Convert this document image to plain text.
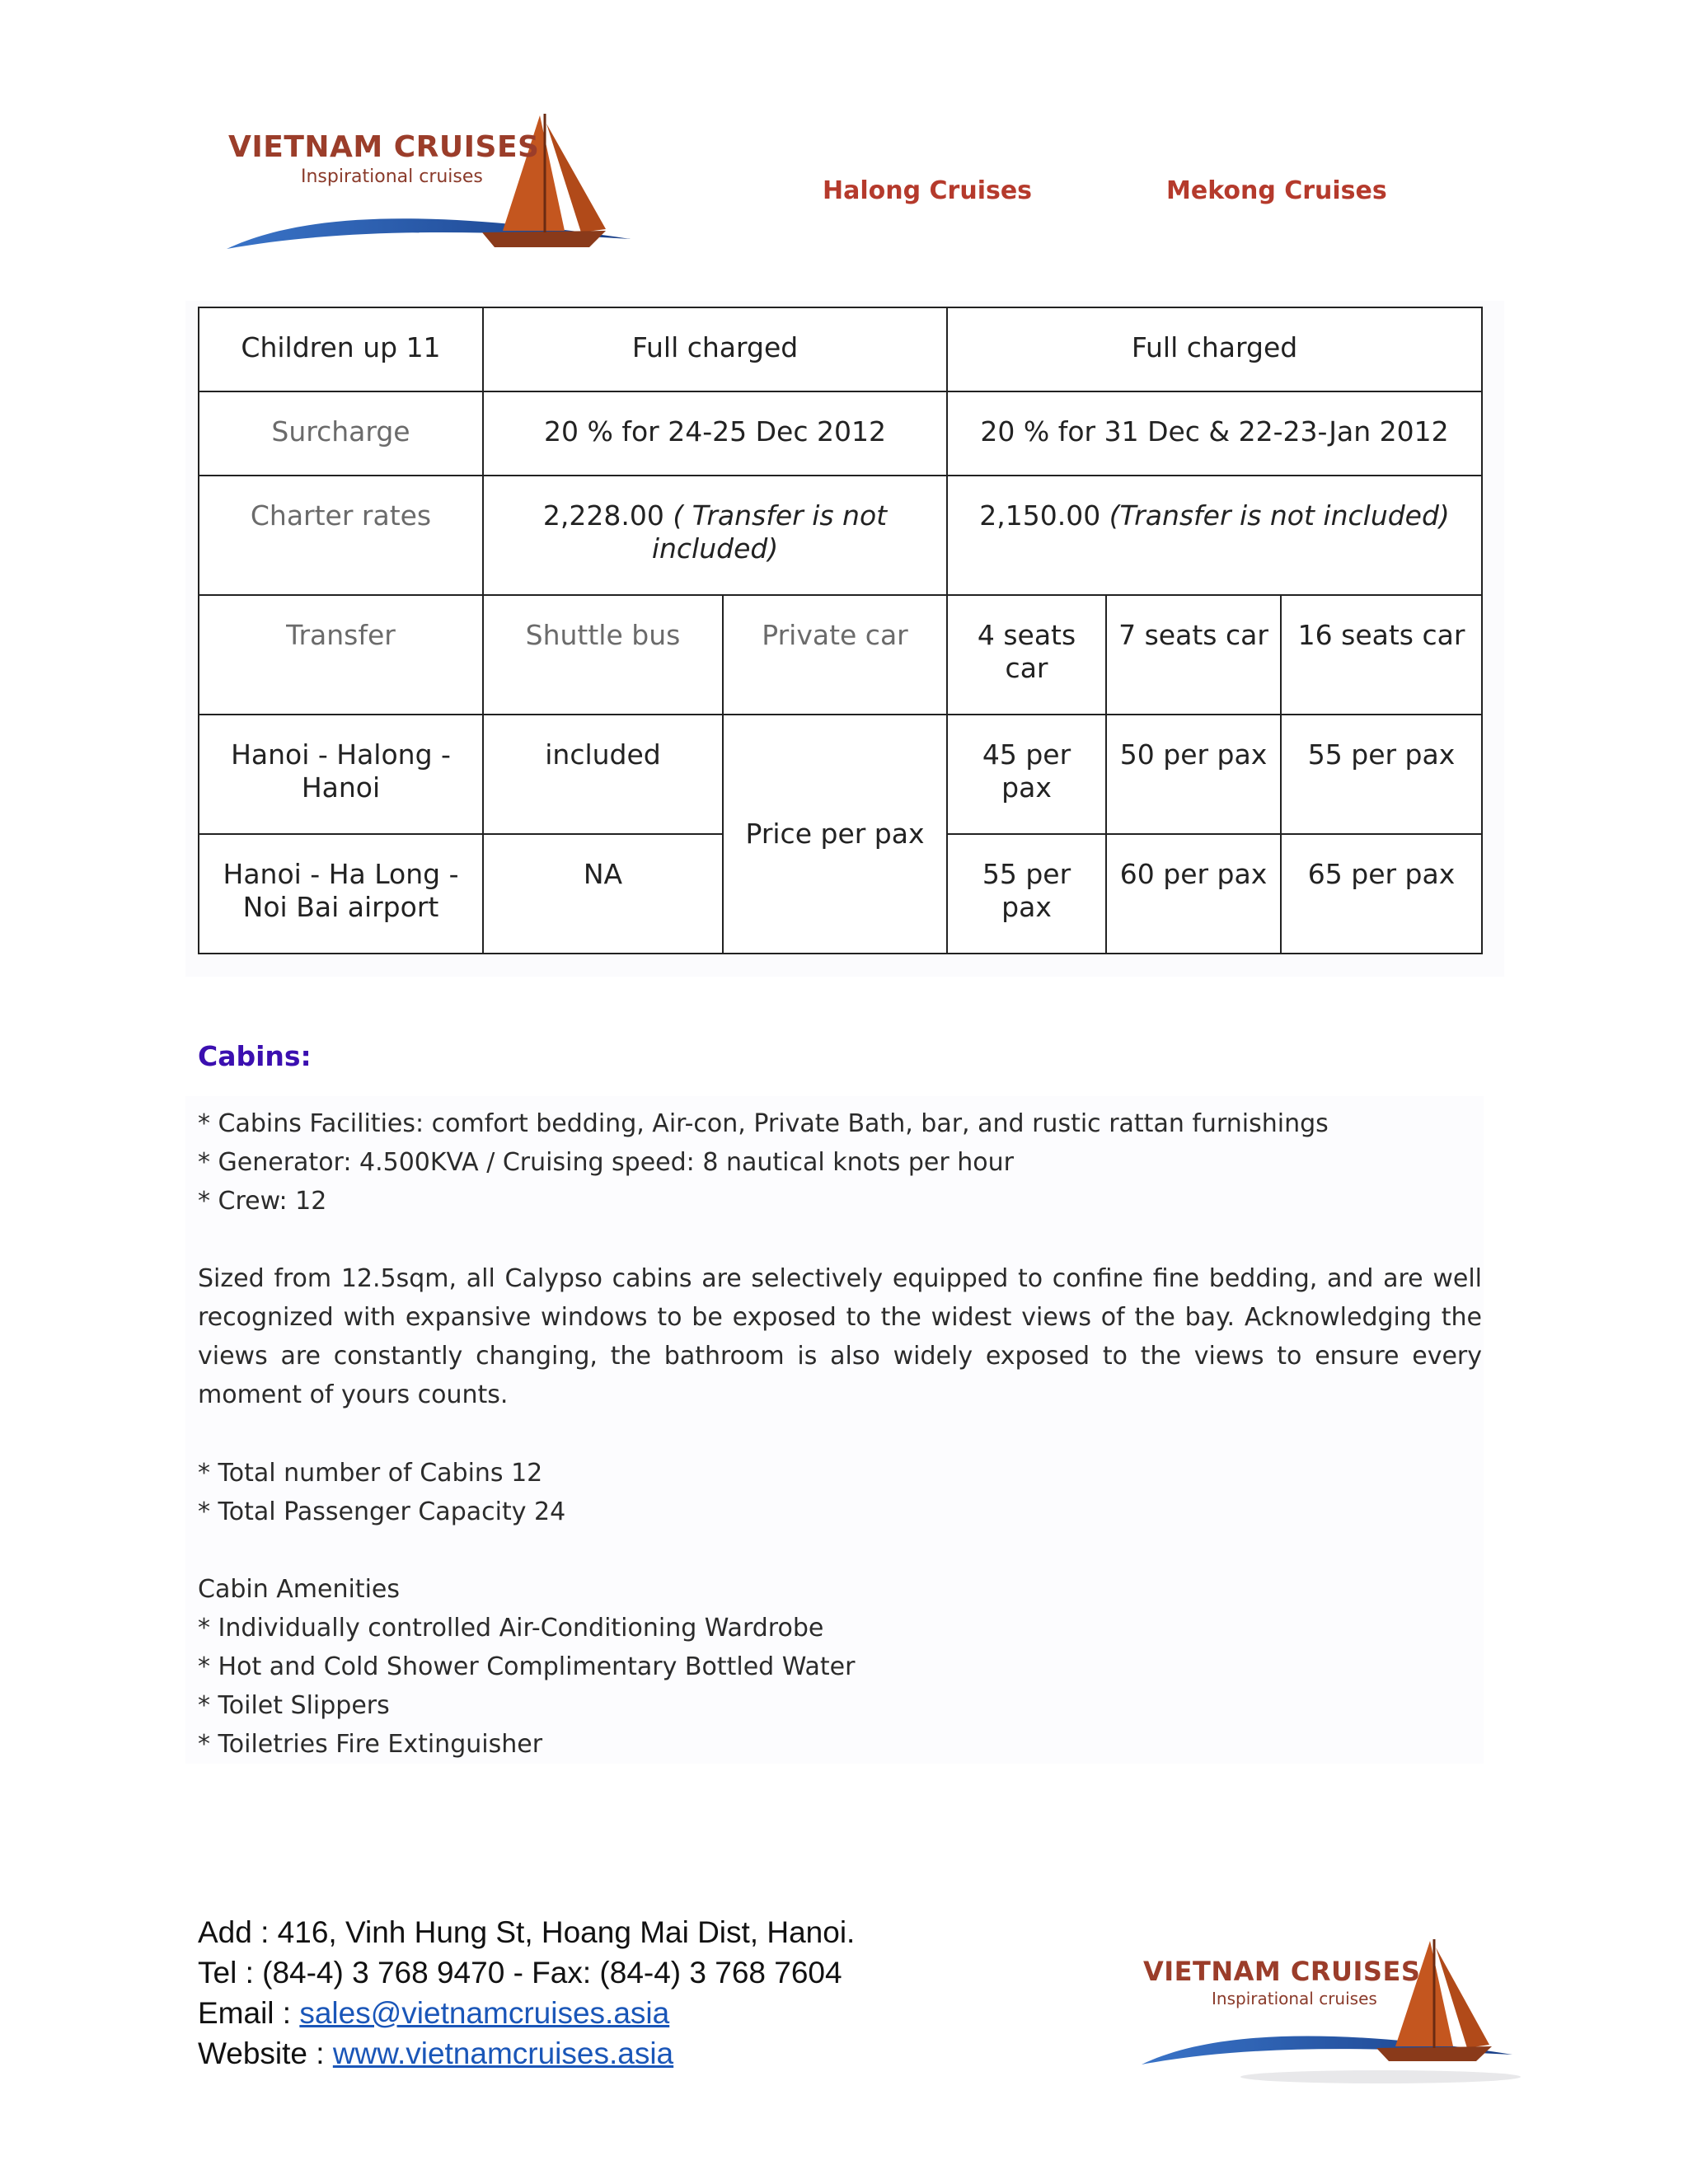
VIETNAM CRUISES
Inspirational cruises	Halong Cruises	Mekong Cruises
Children up 11	Full charged		Full charged		
Surcharge	20 % for 24-25 Dec 2012		20 % for 31 Dec & 22-23-Jan 2012		
Charter rates	2,228.00 ( Transfer is not included)		2,150.00 (Transfer is not included)		
Transfer	Shuttle bus	Private car	4 seats car	7 seats car	16 seats car
Hanoi - Halong - Hanoi	included	Price per pax	45 per pax	50 per pax	55 per pax
Hanoi - Ha Long - Noi Bai airport	NA		55 per pax	60 per pax	65 per pax
Cabins:

* Cabins Facilities: comfort bedding, Air-con, Private Bath, bar, and rustic rattan furnishings

* Generator: 4.500KVA / Cruising speed: 8 nautical knots per hour

* Crew: 12

Sized from 12.5sqm, all Calypso cabins are selectively equipped to confine fine bedding, and are well recognized with expansive windows to be exposed to the widest views of the bay. Acknowledging the views are constantly changing, the bathroom is also widely exposed to the views to ensure every moment of yours counts.

* Total number of Cabins 12

* Total Passenger Capacity 24

Cabin Amenities

* Individually controlled Air-Conditioning Wardrobe

* Hot and Cold Shower Complimentary Bottled Water

* Toilet Slippers

* Toiletries Fire Extinguisher

Add : 416, Vinh Hung St, Hoang Mai Dist, Hanoi.

Tel : (84-4) 3 768 9470 - Fax: (84-4) 3 768 7604

Email : sales@vietnamcruises.asia

Website : www.vietnamcruises.asia

VIETNAM CRUISES
Inspirational cruises
